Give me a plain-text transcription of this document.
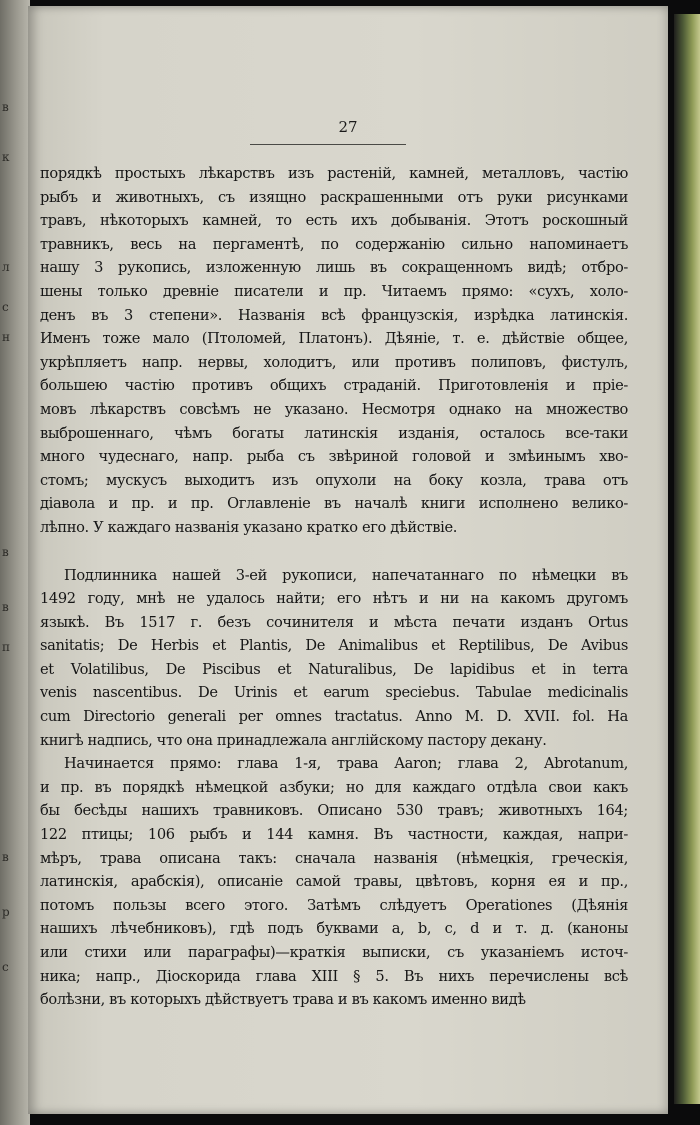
в
к
л
с
н
в
в
п
в
р
с
27
порядкѣ простыхъ лѣкарствъ изъ растеній, камней, металловъ, частію
рыбъ и животныхъ, съ изящно раскрашенными отъ руки рисунками
травъ, нѣкоторыхъ камней, то есть ихъ добыванія. Этотъ роскошный
травникъ, весь на пергаментѣ, по содержанію сильно напоминаетъ
нашу 3 рукопись, изложенную лишь въ сокращенномъ видѣ; отбро-
шены только древніе писатели и пр. Читаемъ прямо: «сухъ, холо-
денъ въ 3 степени». Названія всѣ французскія, изрѣдка латинскія.
Именъ тоже мало (Птоломей, Платонъ). Дѣяніе, т. е. дѣйствіе общее,
укрѣпляетъ напр. нервы, холодитъ, или противъ полиповъ, фистулъ,
большею частію противъ общихъ страданій. Приготовленія и пріе-
мовъ лѣкарствъ совсѣмъ не указано. Несмотря однако на множество
выброшеннаго, чѣмъ богаты латинскія изданія, осталось все-таки
много чудеснаго, напр. рыба съ звѣриной головой и змѣинымъ хво-
стомъ; мускусъ выходитъ изъ опухоли на боку козла, трава отъ
діавола и пр. и пр. Оглавленіе въ началѣ книги исполнено велико-
лѣпно. У каждаго названія указано кратко его дѣйствіе.
Подлинника нашей 3-ей рукописи, напечатаннаго по нѣмецки въ
1492 году, мнѣ не удалось найти; его нѣтъ и ни на какомъ другомъ
языкѣ. Въ 1517 г. безъ сочинителя и мѣста печати изданъ Ortus
sanitatis; De Herbis et Plantis, De Animalibus et Reptilibus, De Avibus
et Volatilibus, De Piscibus et Naturalibus, De lapidibus et in terra
venis nascentibus. De Urinis et earum speciebus. Tabulae medicinalis
cum Directorio generali per omnes tractatus. Anno M. D. XVII. fol. На
книгѣ надпись, что она принадлежала англійскому пастору декану.
Начинается прямо: глава 1-я, трава Aaron; глава 2, Abrotanum,
и пр. въ порядкѣ нѣмецкой азбуки; но для каждаго отдѣла свои какъ
бы бесѣды нашихъ травниковъ. Описано 530 травъ; животныхъ 164;
122 птицы; 106 рыбъ и 144 камня. Въ частности, каждая, напри-
мѣръ, трава описана такъ: сначала названія (нѣмецкія, греческія,
латинскія, арабскія), описаніе самой травы, цвѣтовъ, корня ея и пр.,
потомъ пользы всего этого. Затѣмъ слѣдуетъ Operationes (Дѣянія
нашихъ лѣчебниковъ), гдѣ подъ буквами a, b, c, d и т. д. (каноны
или стихи или параграфы)—краткія выписки, съ указаніемъ источ-
ника; напр., Діоскорида глава XIII § 5. Въ нихъ перечислены всѣ
болѣзни, въ которыхъ дѣйствуетъ трава и въ какомъ именно видѣ
